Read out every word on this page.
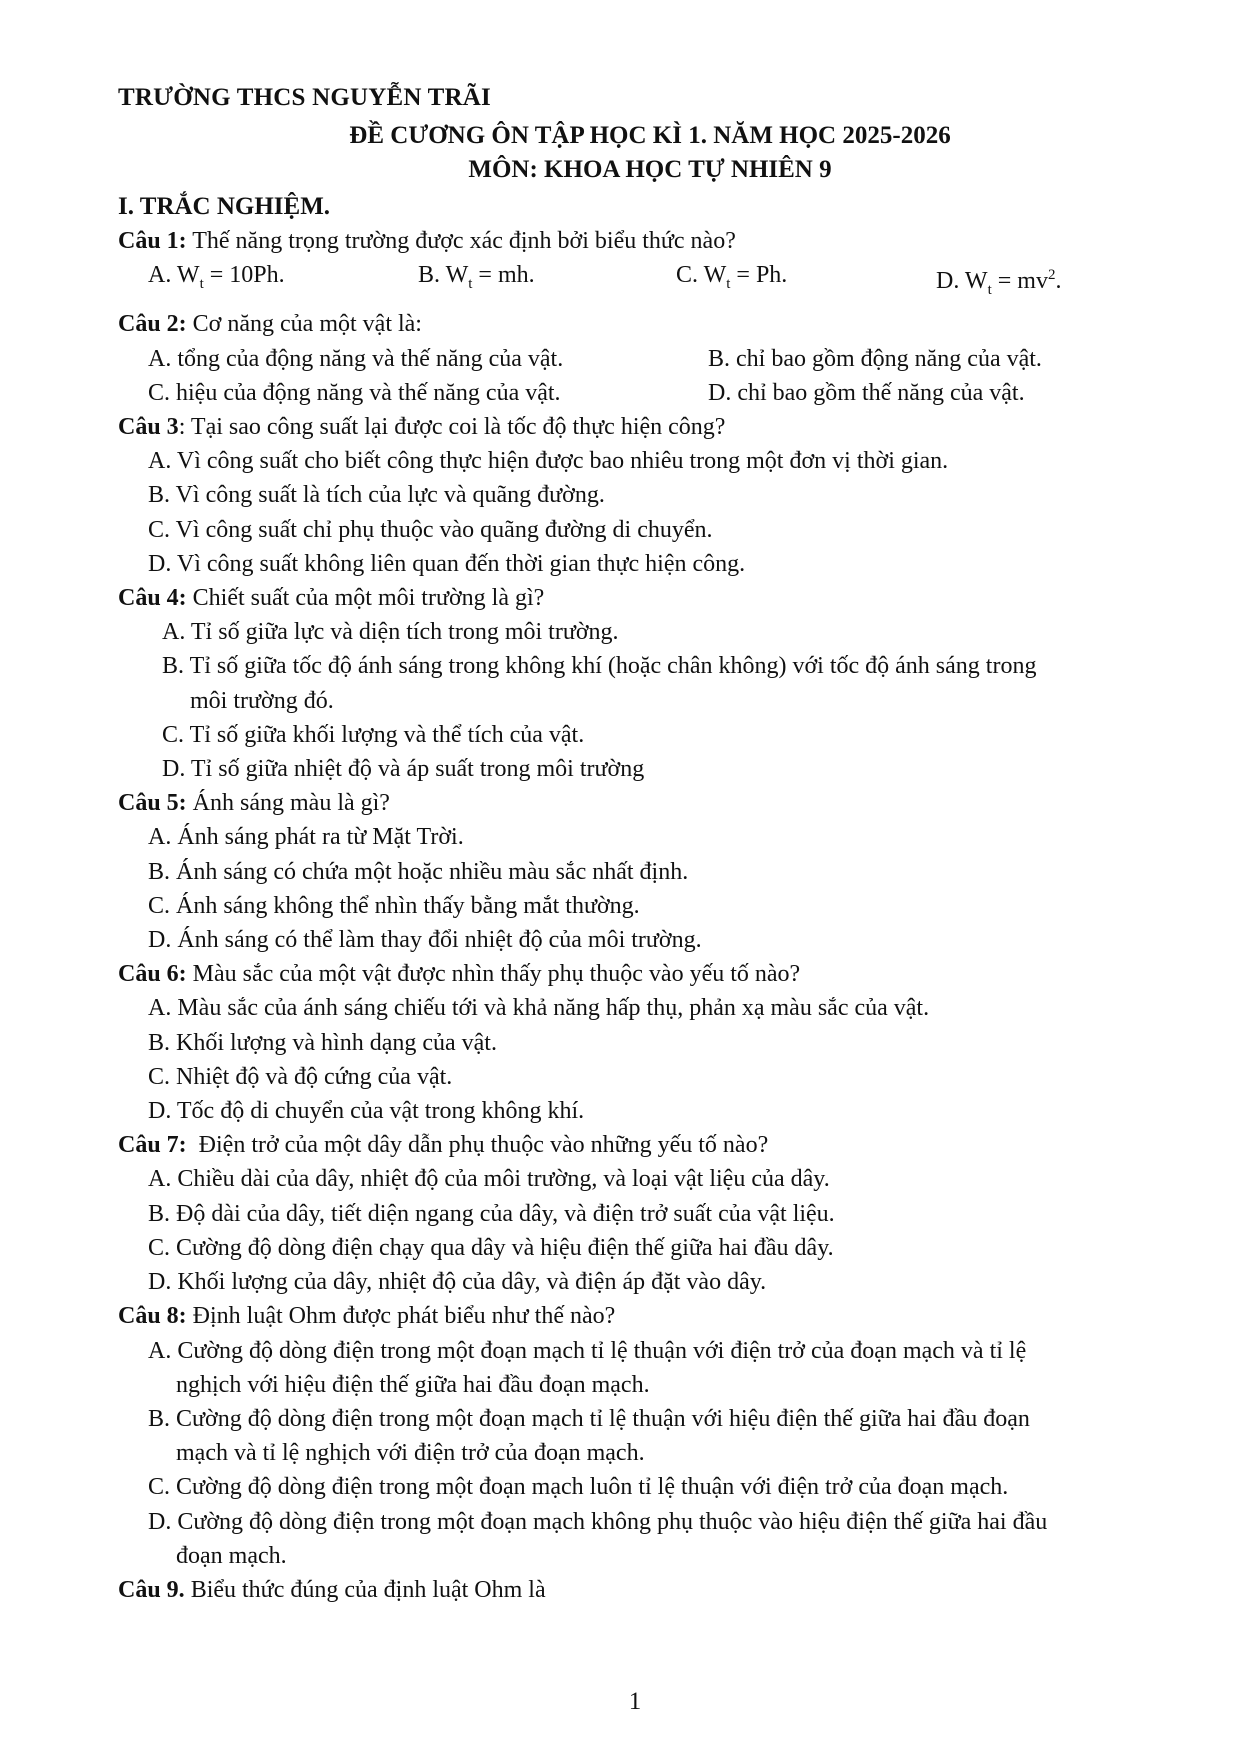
TRƯỜNG THCS NGUYỄN TRÃI
ĐỀ CƯƠNG ÔN TẬP HỌC KÌ 1. NĂM HỌC 2025-2026
MÔN: KHOA HỌC TỰ NHIÊN 9
I. TRẮC NGHIỆM.
Câu 1: Thế năng trọng trường được xác định bởi biểu thức nào?
A. $W_t = 10Ph$.	B. $W_t$ = mh.	C. $W_t = Ph$.	D. $W_t = mv^2$.
Câu 2: Cơ năng của một vật là:
A. tổng của động năng và thế năng của vật.	B. chỉ bao gồm động năng của vật.
C. hiệu của động năng và thế năng của vật.	D. chỉ bao gồm thế năng của vật.
Câu 3: Tại sao công suất lại được coi là tốc độ thực hiện công?
A. Vì công suất cho biết công thực hiện được bao nhiêu trong một đơn vị thời gian.
B. Vì công suất là tích của lực và quãng đường.
C. Vì công suất chỉ phụ thuộc vào quãng đường di chuyển.
D. Vì công suất không liên quan đến thời gian thực hiện công.
Câu 4: Chiết suất của một môi trường là gì?
A. Tỉ số giữa lực và diện tích trong môi trường.
B. Tỉ số giữa tốc độ ánh sáng trong không khí (hoặc chân không) với tốc độ ánh sáng trong
môi trường đó.
C. Tỉ số giữa khối lượng và thể tích của vật.
D. Tỉ số giữa nhiệt độ và áp suất trong môi trường
Câu 5: Ánh sáng màu là gì?
A. Ánh sáng phát ra từ Mặt Trời.
B. Ánh sáng có chứa một hoặc nhiều màu sắc nhất định.
C. Ánh sáng không thể nhìn thấy bằng mắt thường.
D. Ánh sáng có thể làm thay đổi nhiệt độ của môi trường.
Câu 6: Màu sắc của một vật được nhìn thấy phụ thuộc vào yếu tố nào?
A. Màu sắc của ánh sáng chiếu tới và khả năng hấp thụ, phản xạ màu sắc của vật.
B. Khối lượng và hình dạng của vật.
C. Nhiệt độ và độ cứng của vật.
D. Tốc độ di chuyển của vật trong không khí.
Câu 7:  Điện trở của một dây dẫn phụ thuộc vào những yếu tố nào?
A. Chiều dài của dây, nhiệt độ của môi trường, và loại vật liệu của dây.
B. Độ dài của dây, tiết diện ngang của dây, và điện trở suất của vật liệu.
C. Cường độ dòng điện chạy qua dây và hiệu điện thế giữa hai đầu dây.
D. Khối lượng của dây, nhiệt độ của dây, và điện áp đặt vào dây.
Câu 8: Định luật Ohm được phát biểu như thế nào?
A. Cường độ dòng điện trong một đoạn mạch tỉ lệ thuận với điện trở của đoạn mạch và tỉ lệ
nghịch với hiệu điện thế giữa hai đầu đoạn mạch.
B. Cường độ dòng điện trong một đoạn mạch tỉ lệ thuận với hiệu điện thế giữa hai đầu đoạn
mạch và tỉ lệ nghịch với điện trở của đoạn mạch.
C. Cường độ dòng điện trong một đoạn mạch luôn tỉ lệ thuận với điện trở của đoạn mạch.
D. Cường độ dòng điện trong một đoạn mạch không phụ thuộc vào hiệu điện thế giữa hai đầu
đoạn mạch.
Câu 9. Biểu thức đúng của định luật Ohm là
1
